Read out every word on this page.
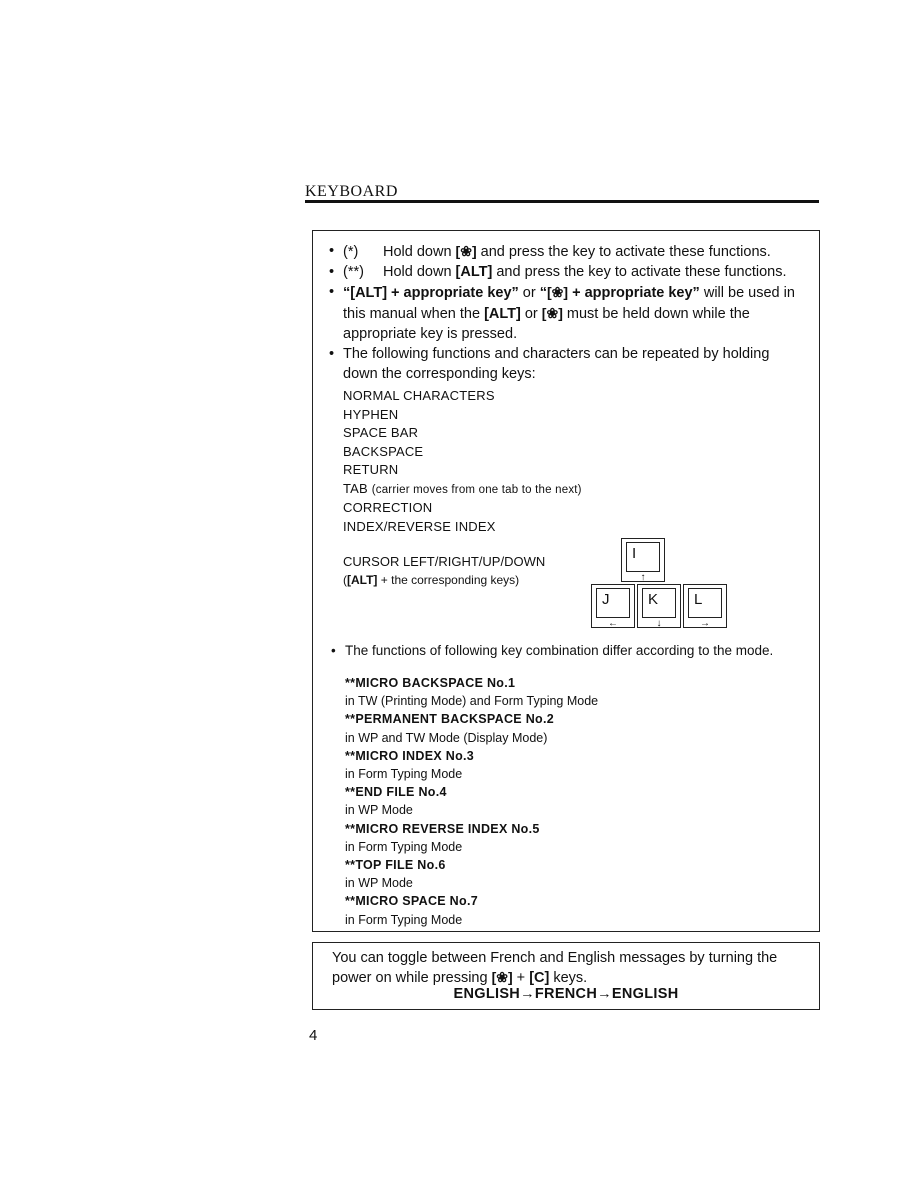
KEYBOARD
• (*) Hold down [❀] and press the key to activate these functions.
• (**) Hold down [ALT] and press the key to activate these functions.
• “[ALT] + appropriate key” or “[❀] + appropriate key” will be used in this manual when the [ALT] or [❀] must be held down while the appropriate key is pressed.
• The following functions and characters can be repeated by holding down the corresponding keys:
NORMAL CHARACTERS
HYPHEN
SPACE BAR
BACKSPACE
RETURN
TAB (carrier moves from one tab to the next)
CORRECTION
INDEX/REVERSE INDEX
CURSOR LEFT/RIGHT/UP/DOWN
([ALT] + the corresponding keys)
I
↑
J
←
K
↓
L
→
• The functions of following key combination differ according to the mode.
**MICRO BACKSPACE No.1
in TW (Printing Mode) and Form Typing Mode
**PERMANENT BACKSPACE No.2
in WP and TW Mode (Display Mode)
**MICRO INDEX No.3
in Form Typing Mode
**END FILE No.4
in WP Mode
**MICRO REVERSE INDEX No.5
in Form Typing Mode
**TOP FILE No.6
in WP Mode
**MICRO SPACE No.7
in Form Typing Mode
You can toggle between French and English messages by turning the power on while pressing [❀] + [C] keys.
ENGLISH→FRENCH→ENGLISH
4
